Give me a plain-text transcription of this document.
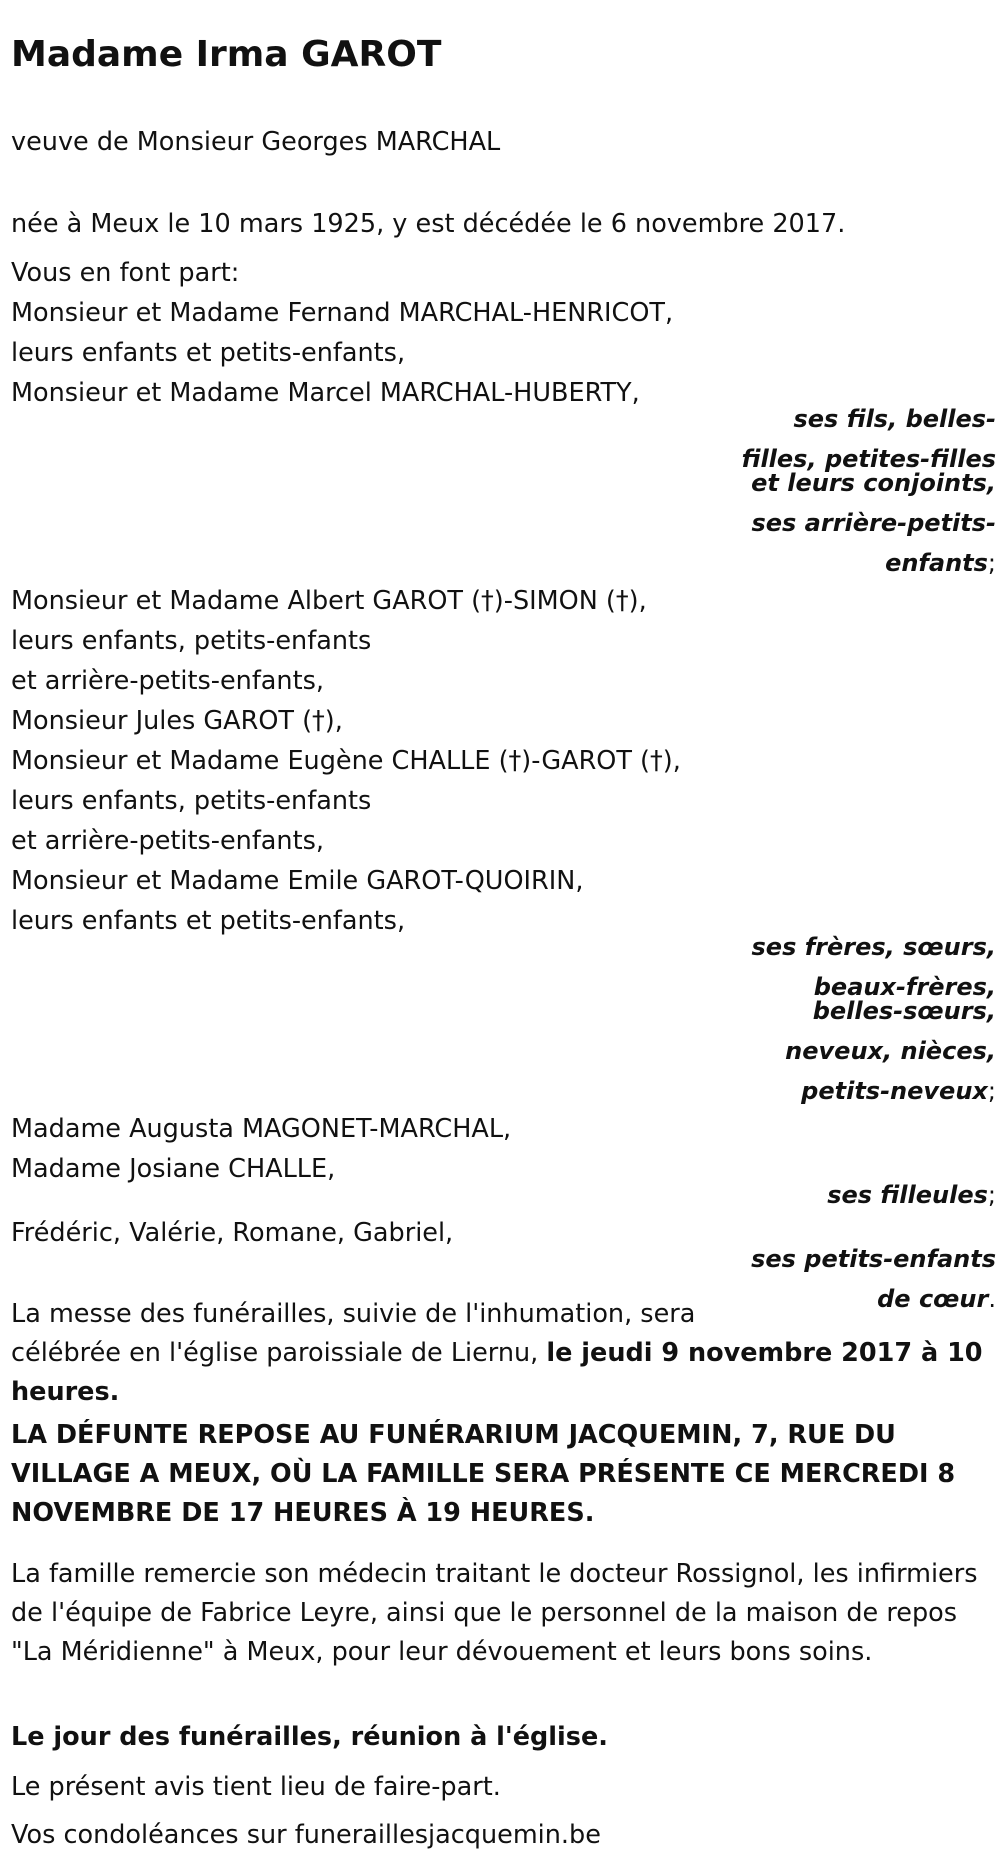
Madame Irma GAROT
veuve de Monsieur Georges MARCHAL
née à Meux le 10 mars 1925, y est décédée le 6 novembre 2017.
Vous en font part:
Monsieur et Madame Fernand MARCHAL-HENRICOT,
leurs enfants et petits-enfants,
Monsieur et Madame Marcel MARCHAL-HUBERTY,
ses fils, belles-
filles, petites-filles
et leurs conjoints,
ses arrière-petits-
enfants;
Monsieur et Madame Albert GAROT (†)-SIMON (†),
leurs enfants, petits-enfants
et arrière-petits-enfants,
Monsieur Jules GAROT (†),
Monsieur et Madame Eugène CHALLE (†)-GAROT (†),
leurs enfants, petits-enfants
et arrière-petits-enfants,
Monsieur et Madame Emile GAROT-QUOIRIN,
leurs enfants et petits-enfants,
ses frères, sœurs,
beaux-frères,
belles-sœurs,
neveux, nièces,
petits-neveux;
Madame Augusta MAGONET-MARCHAL,
Madame Josiane CHALLE,
ses filleules;
Frédéric, Valérie, Romane, Gabriel,
ses petits-enfants
de cœur.
La messe des funérailles, suivie de l'inhumation, sera
célébrée en l'église paroissiale de Liernu, le jeudi 9 novembre 2017 à 10 heures.
LA DÉFUNTE REPOSE AU FUNÉRARIUM JACQUEMIN, 7, RUE DU VILLAGE A MEUX, OÙ LA FAMILLE SERA PRÉSENTE CE MERCREDI 8 NOVEMBRE DE 17 HEURES À 19 HEURES.
La famille remercie son médecin traitant le docteur Rossignol, les infirmiers de l'équipe de Fabrice Leyre, ainsi que le personnel de la maison de repos "La Méridienne" à Meux, pour leur dévouement et leurs bons soins.
Le jour des funérailles, réunion à l'église.
Le présent avis tient lieu de faire-part.
Vos condoléances sur funeraillesjacquemin.be
